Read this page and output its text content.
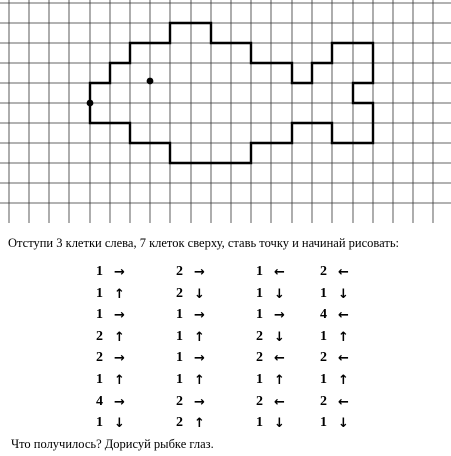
Отступи 3 клетки слева, 7 клеток сверху, ставь точку и начинай рисовать:
1 →
1 ↑
1 →
2 ↑
2 →
1 ↑
4 →
1 ↓
2 →
2 ↓
1 →
1 ↑
1 →
1 ↑
2 →
2 ↑
1 ←
1 ↓
1 →
2 ↓
2 ←
1 ↑
2 ←
1 ↓
2 ←
1 ↓
4 ←
1 ↑
2 ←
1 ↑
2 ←
1 ↓
Что получилось? Дорисуй рыбке глаз.
